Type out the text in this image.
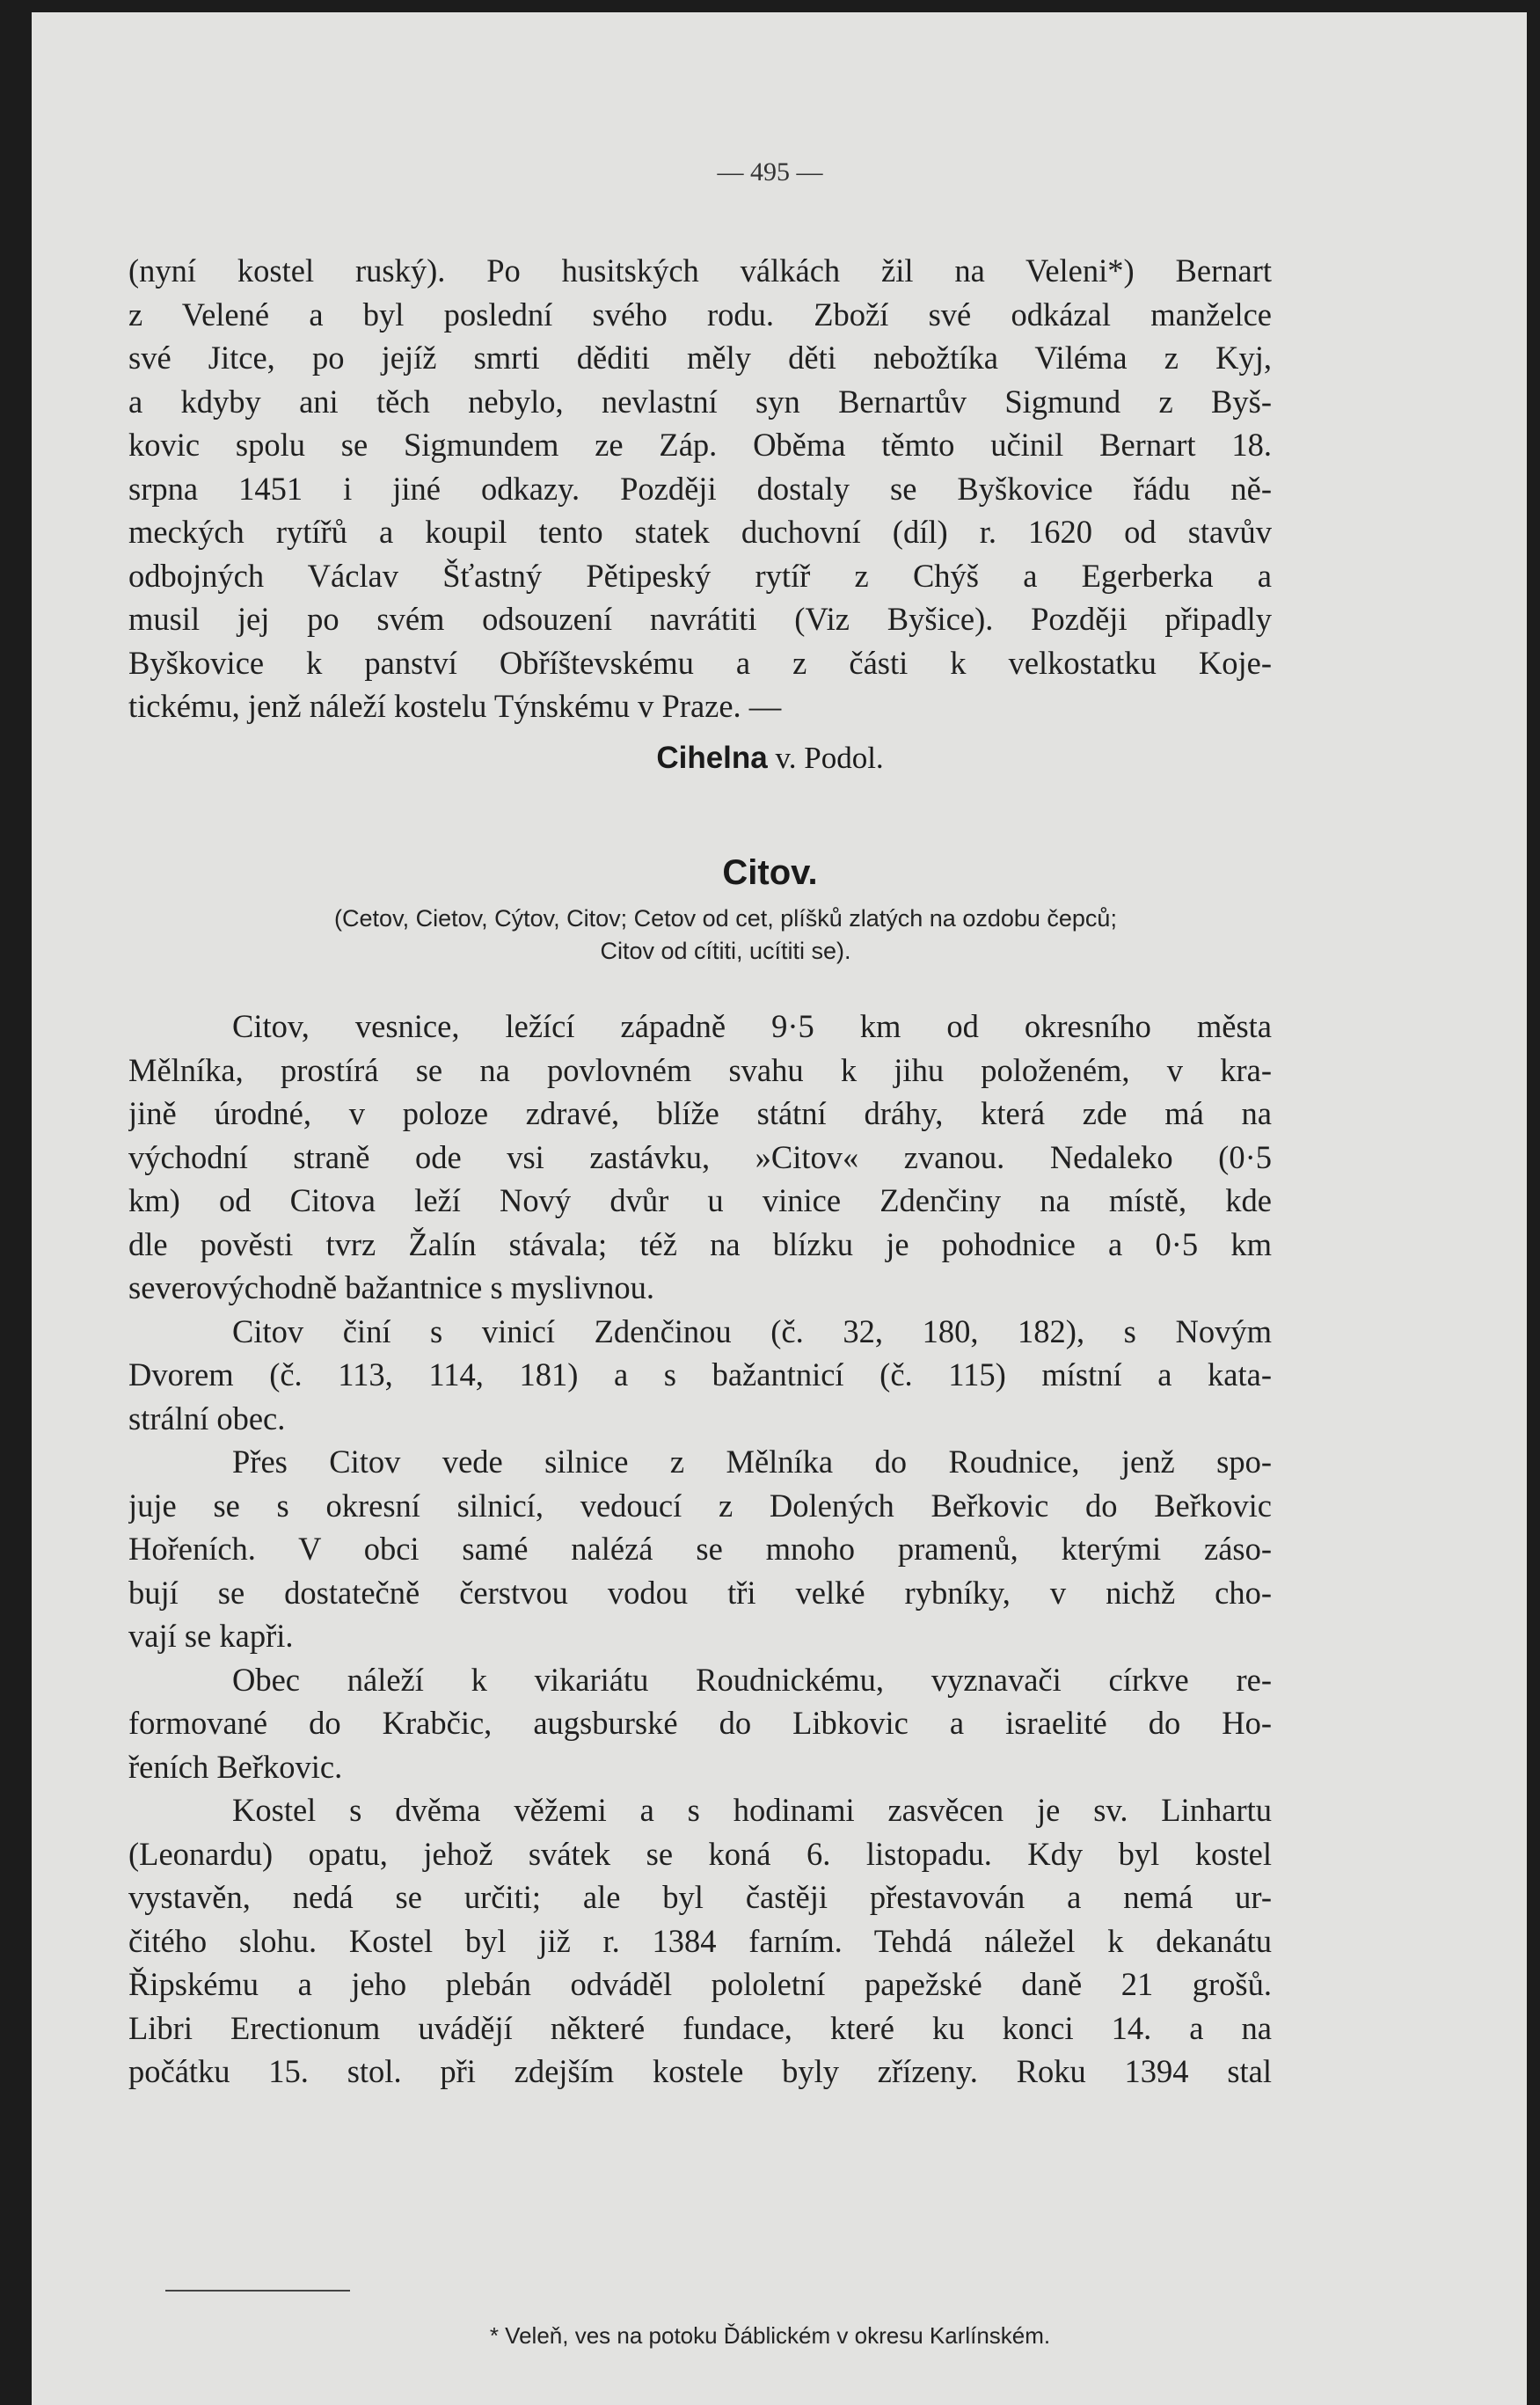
— 495 —
(nyní kostel ruský). Po husitských válkách žil na Veleni*) Bernart
z Velené a byl poslední svého rodu. Zboží své odkázal manželce
své Jitce, po jejíž smrti děditi měly děti nebožtíka Viléma z Kyj,
a kdyby ani těch nebylo, nevlastní syn Bernartův Sigmund z Byš-
kovic spolu se Sigmundem ze Záp. Oběma těmto učinil Bernart 18.
srpna 1451 i jiné odkazy. Později dostaly se Byškovice řádu ně-
meckých rytířů a koupil tento statek duchovní (díl) r. 1620 od stavův
odbojných Václav Šťastný Pětipeský rytíř z Chýš a Egerberka a
musil jej po svém odsouzení navrátiti (Viz Byšice). Později připadly
Byškovice k panství Obříštevskému a z části k velkostatku Koje-
tickému, jenž náleží kostelu Týnskému v Praze. —
Cihelna v. Podol.
Citov.
(Cetov, Cietov, Cýtov, Citov; Cetov od cet, plíšků zlatých na ozdobu čepců;
Citov od cítiti, ucítiti se).
Citov, vesnice, ležící západně 9·5 km od okresního města
Mělníka, prostírá se na povlovném svahu k jihu položeném, v kra-
jině úrodné, v poloze zdravé, blíže státní dráhy, která zde má na
východní straně ode vsi zastávku, »Citov« zvanou. Nedaleko (0·5
km) od Citova leží Nový dvůr u vinice Zdenčiny na místě, kde
dle pověsti tvrz Žalín stávala; též na blízku je pohodnice a 0·5 km
severovýchodně bažantnice s myslivnou.
Citov činí s vinicí Zdenčinou (č. 32, 180, 182), s Novým
Dvorem (č. 113, 114, 181) a s bažantnicí (č. 115) místní a kata-
strální obec.
Přes Citov vede silnice z Mělníka do Roudnice, jenž spo-
juje se s okresní silnicí, vedoucí z Dolených Beřkovic do Beřkovic
Hořeních. V obci samé nalézá se mnoho pramenů, kterými zásо-
bují se dostatečně čerstvou vodou tři velké rybníky, v nichž cho-
vají se kapři.
Obec náleží k vikariátu Roudnickému, vyznavači církve re-
formované do Krabčic, augsburské do Libkovic a israelité do Ho-
řeních Beřkovic.
Kostel s dvěma věžemi a s hodinami zasvěcen je sv. Linhartu
(Leonardu) opatu, jehož svátek se koná 6. listopadu. Kdy byl kostel
vystavěn, nedá se určiti; ale byl častěji přestavován a nemá ur-
čitého slohu. Kostel byl již r. 1384 farním. Tehdá náležel k dekanátu
Řipskému a jeho plebán odváděl pololetní papežské daně 21 grošů.
Libri Erectionum uvádějí některé fundace, které ku konci 14. a na
počátku 15. stol. při zdejším kostele byly zřízeny. Roku 1394 stal
* Veleň, ves na potoku Ďáblickém v okresu Karlínském.
